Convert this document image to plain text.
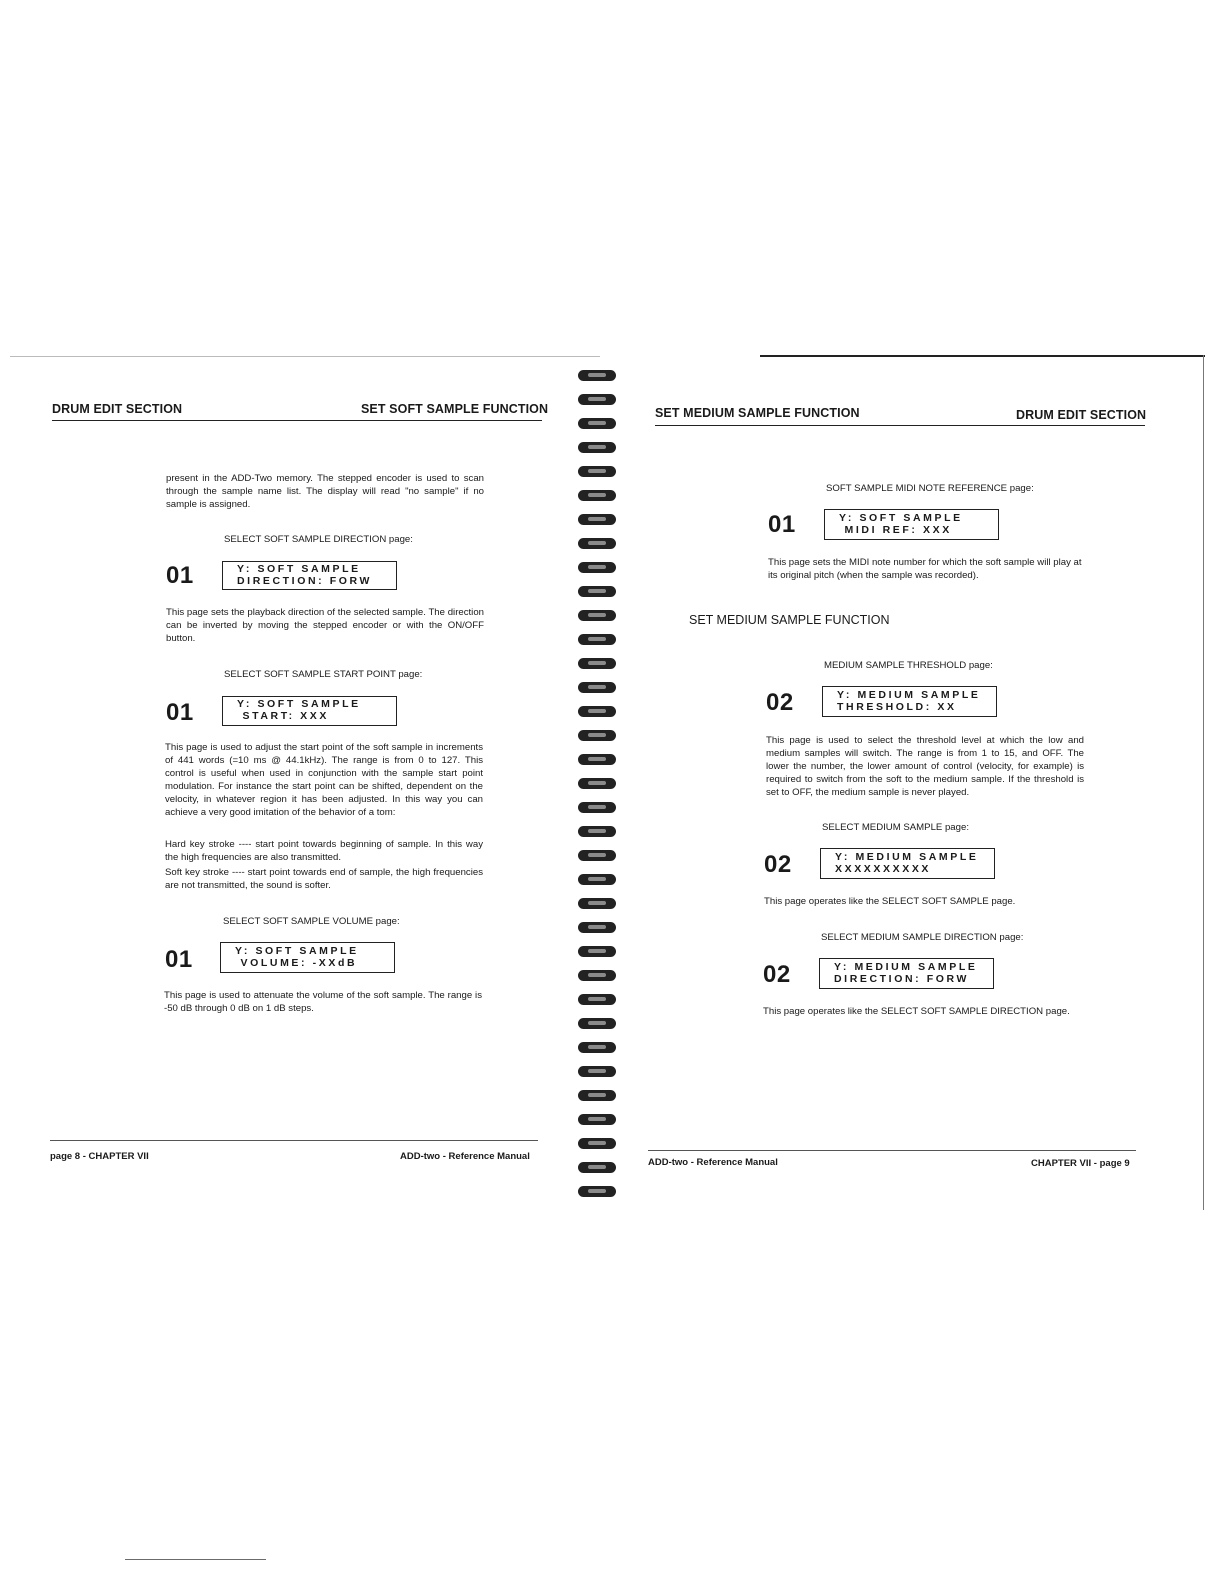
DRUM EDIT SECTION	SET SOFT SAMPLE FUNCTION
present in the ADD-Two memory. The stepped encoder is used to scan through the sample name list. The display will read "no sample" if no sample is assigned.
SELECT SOFT SAMPLE DIRECTION page:
01	Y: SOFT SAMPLE
DIRECTION: FORW
This page sets the playback direction of the selected sample. The direction can be inverted by moving the stepped encoder or with the ON/OFF button.
SELECT SOFT SAMPLE START POINT page:
01	Y: SOFT SAMPLE
START: XXX
This page is used to adjust the start point of the soft sample in increments of 441 words (=10 ms @ 44.1kHz). The range is from 0 to 127. This control is useful when used in conjunction with the sample start point modulation. For instance the start point can be shifted, dependent on the velocity, in whatever region it has been adjusted. In this way you can achieve a very good imitation of the behavior of a tom:
Hard key stroke ---- start point towards beginning of sample. In this way the high frequencies are also transmitted.
Soft key stroke ---- start point towards end of sample, the high frequencies are not transmitted, the sound is softer.
SELECT SOFT SAMPLE VOLUME page:
01	Y: SOFT SAMPLE
VOLUME: -XXdB
This page is used to attenuate the volume of the soft sample. The range is -50 dB through 0 dB on 1 dB steps.
page 8 - CHAPTER VII	ADD-two - Reference Manual
SET MEDIUM SAMPLE FUNCTION	DRUM EDIT SECTION
SOFT SAMPLE MIDI NOTE REFERENCE page:
01	Y: SOFT SAMPLE
MIDI REF: XXX
This page sets the MIDI note number for which the soft sample will play at its original pitch (when the sample was recorded).
SET MEDIUM SAMPLE FUNCTION
MEDIUM SAMPLE THRESHOLD page:
02	Y: MEDIUM SAMPLE
THRESHOLD: XX
This page is used to select the threshold level at which the low and medium samples will switch. The range is from 1 to 15, and OFF. The lower the number, the lower amount of control (velocity, for example) is required to switch from the soft to the medium sample. If the threshold is set to OFF, the medium sample is never played.
SELECT MEDIUM SAMPLE page:
02	Y: MEDIUM SAMPLE
XXXXXXXXXX
This page operates like the SELECT SOFT SAMPLE page.
SELECT MEDIUM SAMPLE DIRECTION page:
02	Y: MEDIUM SAMPLE
DIRECTION: FORW
This page operates like the SELECT SOFT SAMPLE DIRECTION page.
ADD-two - Reference Manual	CHAPTER VII - page 9
